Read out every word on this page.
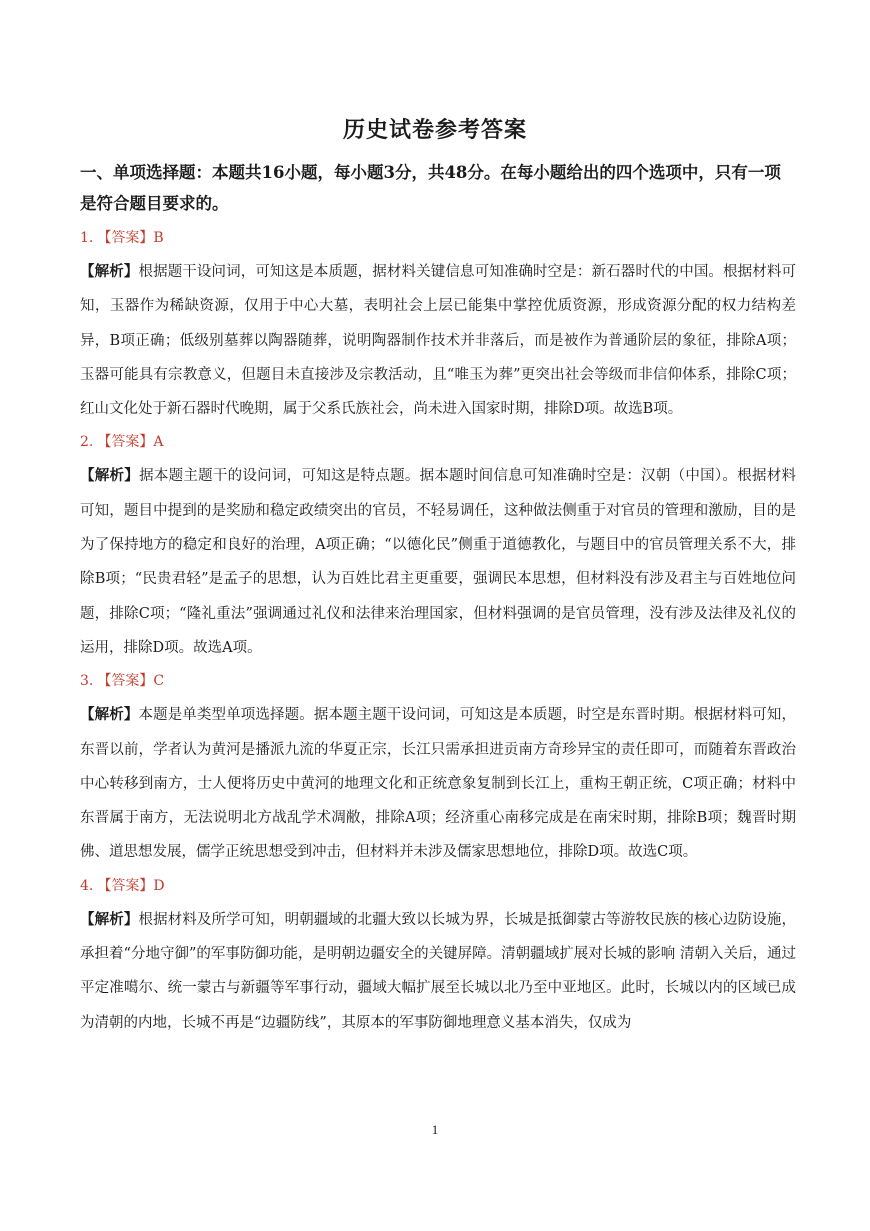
历史试卷参考答案
一、单项选择题：本题共16小题，每小题3分，共48分。在每小题给出的四个选项中，只有一项是符合题目要求的。
1. 【答案】B

【解析】根据题干设问词，可知这是本质题，据材料关键信息可知准确时空是：新石器时代的中国。根据材料可知，玉器作为稀缺资源，仅用于中心大墓，表明社会上层已能集中掌控优质资源，形成资源分配的权力结构差异，B项正确；低级别墓葬以陶器随葬，说明陶器制作技术并非落后，而是被作为普通阶层的象征，排除A项；玉器可能具有宗教意义，但题目未直接涉及宗教活动，且“唯玉为葬”更突出社会等级而非信仰体系，排除C项；红山文化处于新石器时代晚期，属于父系氏族社会，尚未进入国家时期，排除D项。故选B项。

2. 【答案】A

【解析】据本题主题干的设问词，可知这是特点题。据本题时间信息可知准确时空是：汉朝（中国）。根据材料可知，题目中提到的是奖励和稳定政绩突出的官员，不轻易调任，这种做法侧重于对官员的管理和激励，目的是为了保持地方的稳定和良好的治理，A项正确；“以德化民”侧重于道德教化，与题目中的官员管理关系不大，排除B项；“民贵君轻”是孟子的思想，认为百姓比君主更重要，强调民本思想，但材料没有涉及君主与百姓地位问题，排除C项；“隆礼重法”强调通过礼仪和法律来治理国家，但材料强调的是官员管理，没有涉及法律及礼仪的运用，排除D项。故选A项。

3. 【答案】C

【解析】本题是单类型单项选择题。据本题主题干设问词，可知这是本质题，时空是东晋时期。根据材料可知，东晋以前，学者认为黄河是播派九流的华夏正宗，长江只需承担进贡南方奇珍异宝的责任即可，而随着东晋政治中心转移到南方，士人便将历史中黄河的地理文化和正统意象复制到长江上，重构王朝正统，C项正确；材料中东晋属于南方，无法说明北方战乱学术凋敝，排除A项；经济重心南移完成是在南宋时期，排除B项；魏晋时期佛、道思想发展，儒学正统思想受到冲击，但材料并未涉及儒家思想地位，排除D项。故选C项。

4. 【答案】D

【解析】根据材料及所学可知，明朝疆域的北疆大致以长城为界，长城是抵御蒙古等游牧民族的核心边防设施，承担着“分地守御”的军事防御功能，是明朝边疆安全的关键屏障。清朝疆域扩展对长城的影响 清朝入关后，通过平定准噶尔、统一蒙古与新疆等军事行动，疆域大幅扩展至长城以北乃至中亚地区。此时，长城以内的区域已成为清朝的内地，长城不再是“边疆防线”，其原本的军事防御地理意义基本消失，仅成为

1
